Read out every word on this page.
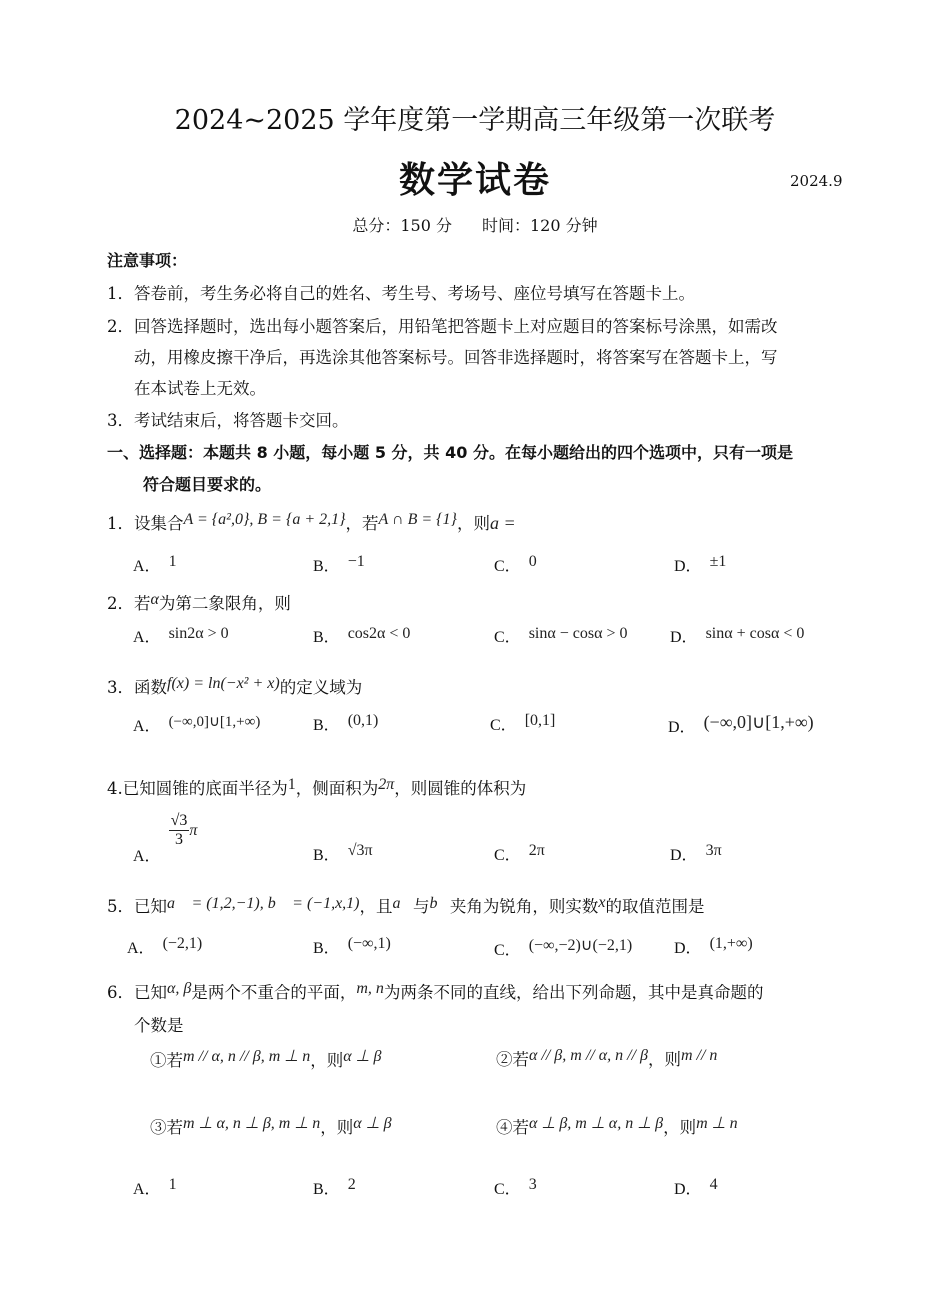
2024~2025 学年度第一学期高三年级第一次联考
数学试卷	2024.9
总分：150 分 时间：120 分钟
注意事项：
1．答卷前，考生务必将自己的姓名、考生号、考场号、座位号填写在答题卡上。
2．回答选择题时，选出每小题答案后，用铅笔把答题卡上对应题目的答案标号涂黑，如需改
动，用橡皮擦干净后，再选涂其他答案标号。回答非选择题时，将答案写在答题卡上，写
在本试卷上无效。
3．考试结束后，将答题卡交回。
一、选择题：本题共 8 小题，每小题 5 分，共 40 分。在每小题给出的四个选项中，只有一项是
符合题目要求的。
1．设集合A = {a²,0}, B = {a + 2,1}，若A ∩ B = {1}，则a =
A． 1	B． −1	C． 0	D． ±1
2．若α为第二象限角，则
A． sin2α > 0	B． cos2α < 0	C． sinα − cosα > 0	D． sinα + cosα < 0
3．函数f(x) = ln(−x² + x)的定义域为
A． (−∞,0]∪[1,+∞)	B． (0,1)	C． [0,1]	D． (−∞,0]∪[1,+∞)
4.已知圆锥的底面半径为1，侧面积为2π，则圆锥的体积为
A．
$\frac{√3}{3}$ π
B． √3π	C． 2π	D． 3π
5．已知a⃗ = (1,2,−1), b⃗ = (−1,x,1)，且a⃗与b⃗夹角为锐角，则实数x的取值范围是
A． (−2,1)	B． (−∞,1)	C． (−∞,−2)∪(−2,1)	D． (1,+∞)
6．已知α, β是两个不重合的平面，m, n为两条不同的直线，给出下列命题，其中是真命题的
个数是
①若m // α, n // β, m ⊥ n，则α ⊥ β	②若α // β, m // α, n // β，则m // n
③若m ⊥ α, n ⊥ β, m ⊥ n，则α ⊥ β	④若α ⊥ β, m ⊥ α, n ⊥ β，则m ⊥ n
A． 1	B． 2	C． 3	D． 4
